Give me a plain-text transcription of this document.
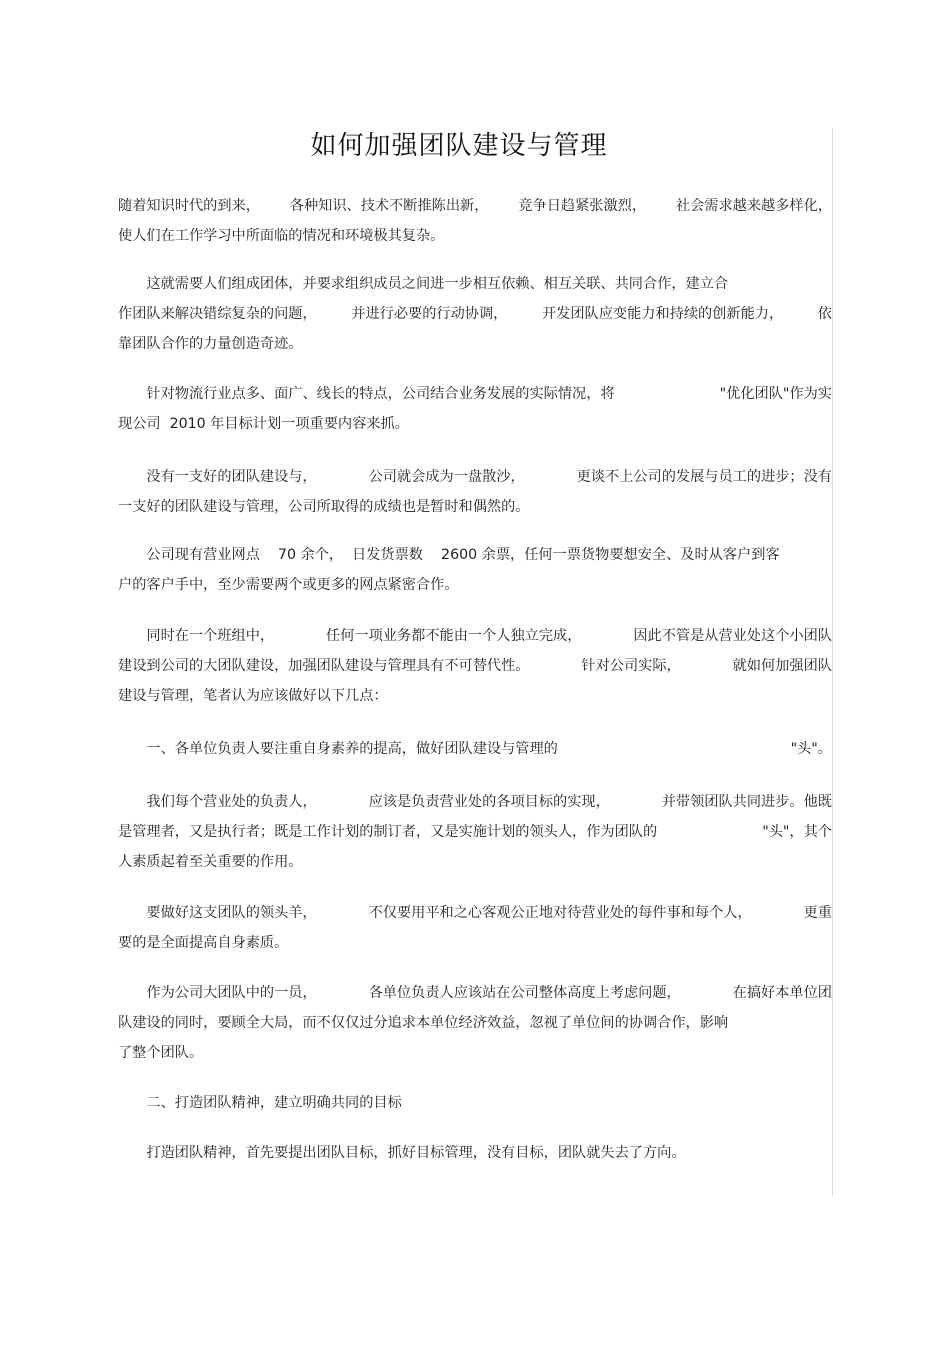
如何加强团队建设与管理
随着知识时代的到来， 各种知识、技术不断推陈出新， 竞争日趋紧张激烈， 社会需求越来越多样化，
使人们在工作学习中所面临的情况和环境极其复杂。
　　这就需要人们组成团体，并要求组织成员之间进一步相互依赖、相互关联、共同合作，建立合
作团队来解决错综复杂的问题， 并进行必要的行动协调， 开发团队应变能力和持续的创新能力， 依
靠团队合作的力量创造奇迹。
　　针对物流行业点多、面广、线长的特点，公司结合业务发展的实际情况，将	"优化团队"作为实
现公司  2010 年目标计划一项重要内容来抓。
　　没有一支好的团队建设与，	公司就会成为一盘散沙，	更谈不上公司的发展与员工的进步；没有
一支好的团队建设与管理，公司所取得的成绩也是暂时和偶然的。
　　公司现有营业网点    70 余个，  日发货票数    2600 余票，任何一票货物要想安全、及时从客户到客
户的客户手中，至少需要两个或更多的网点紧密合作。
　　同时在一个班组中，	任何一项业务都不能由一个人独立完成，	因此不管是从营业处这个小团队
建设到公司的大团队建设，加强团队建设与管理具有不可替代性。	针对公司实际，	就如何加强团队
建设与管理，笔者认为应该做好以下几点：
　　一、各单位负责人要注重自身素养的提高，做好团队建设与管理的	"头"。
　　我们每个营业处的负责人，	应该是负责营业处的各项目标的实现，	并带领团队共同进步。他既
是管理者，又是执行者；既是工作计划的制订者，又是实施计划的领头人，作为团队的	"头"，其个
人素质起着至关重要的作用。
　　要做好这支团队的领头羊，	不仅要用平和之心客观公正地对待营业处的每件事和每个人，	更重
要的是全面提高自身素质。
　　作为公司大团队中的一员，	各单位负责人应该站在公司整体高度上考虑问题，	在搞好本单位团
队建设的同时，要顾全大局，而不仅仅过分追求本单位经济效益，忽视了单位间的协调合作，影响
了整个团队。
　　二、打造团队精神，建立明确共同的目标
　　打造团队精神，首先要提出团队目标，抓好目标管理，没有目标，团队就失去了方向。
